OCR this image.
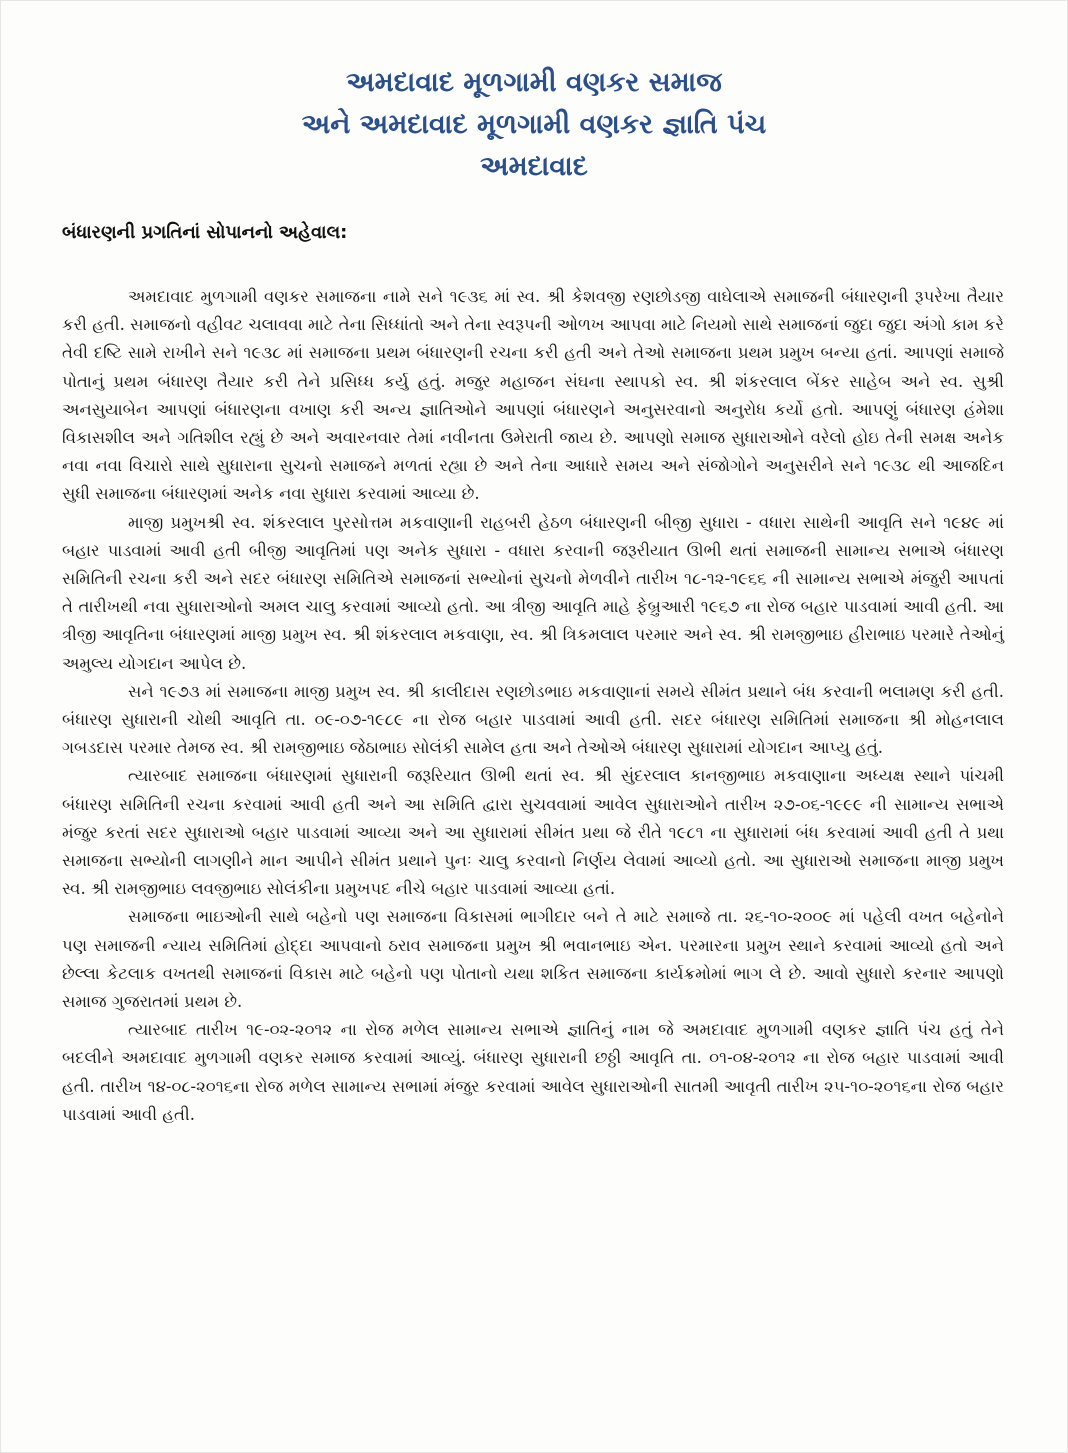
અમદાવાદ મૂળગામી વણકર સમાજ
અને અમદાવાદ મૂળગામી વણકર જ્ઞાતિ પંચ
અમદાવાદ
બંધારણની પ્રગતિનાં સોપાનનો અહેવાલ:

અમદાવાદ મુળગામી વણકર સમાજના નામે સને ૧૯૩૬ માં સ્વ. શ્રી કેશવજી રણછોડજી વાઘેલાએ સમાજની બંધારણની રૂપરેખા તૈયાર કરી હતી. સમાજનો વહીવટ ચલાવવા માટે તેના સિધ્ધાંતો અને તેના સ્વરૂપની ઓળખ આપવા માટે નિયમો સાથે સમાજનાં જુદા જુદા અંગો કામ કરે તેવી દષ્ટિ સામે રાખીને સને ૧૯૩૮ માં સમાજના પ્રથમ બંધારણની રચના કરી હતી અને તેઓ સમાજના પ્રથમ પ્રમુખ બન્યા હતાં. આપણાં સમાજે પોતાનું પ્રથમ બંધારણ તૈયાર કરી તેને પ્રસિધ્ધ કર્યુ હતું. મજુર મહાજન સંઘના સ્થાપકો સ્વ. શ્રી શંકરલાલ બેંકર સાહેબ અને સ્વ. સુશ્રી અનસુયાબેન આપણાં બંધારણના વખાણ કરી અન્ય જ્ઞાતિઓને આપણાં બંધારણને અનુસરવાનો અનુરોધ કર્યો હતો. આપણું બંધારણ હંમેશા વિકાસશીલ અને ગતિશીલ રહ્યું છે અને અવારનવાર તેમાં નવીનતા ઉમેરાતી જાય છે. આપણો સમાજ સુધારાઓને વરેલો હોઇ તેની સમક્ષ અનેક નવા નવા વિચારો સાથે સુધારાના સુચનો સમાજને મળતાં રહ્યા છે અને તેના આધારે સમય અને સંજોગોને અનુસરીને સને ૧૯૩૮ થી આજદિન સુધી સમાજના બંધારણમાં અનેક નવા સુધારા કરવામાં આવ્યા છે.

માજી પ્રમુખશ્રી સ્વ. શંકરલાલ પુરસોત્તમ મકવાણાની રાહબરી હેઠળ બંધારણની બીજી સુધારા - વધારા સાથેની આવૃતિ સને ૧૯૪૯ માં બહાર પાડવામાં આવી હતી બીજી આવૃતિમાં પણ અનેક સુધારા - વધારા કરવાની જરૂરીયાત ઊભી થતાં સમાજની સામાન્ય સભાએ બંધારણ સમિતિની રચના કરી અને સદર બંધારણ સમિતિએ સમાજનાં સભ્યોનાં સુચનો મેળવીને તારીખ ૧૮-૧૨-૧૯૬૬ ની સામાન્ય સભાએ મંજુરી આપતાં તે તારીખથી નવા સુધારાઓનો અમલ ચાલુ કરવામાં આવ્યો હતો. આ ત્રીજી આવૃતિ માહે ફેબ્રુઆરી ૧૯૬૭ ના રોજ બહાર પાડવામાં આવી હતી. આ ત્રીજી આવૃતિના બંધારણમાં માજી પ્રમુખ સ્વ. શ્રી શંકરલાલ મકવાણા, સ્વ. શ્રી ત્રિકમલાલ પરમાર અને સ્વ. શ્રી રામજીભાઇ હીરાભાઇ પરમારે તેઓનું અમુલ્ય યોગદાન આપેલ છે.

સને ૧૯૭૩ માં સમાજના માજી પ્રમુખ સ્વ. શ્રી કાલીદાસ રણછોડભાઇ મકવાણાનાં સમયે સીમંત પ્રથાને બંધ કરવાની ભલામણ કરી હતી. બંધારણ સુધારાની ચોથી આવૃતિ તા. ૦૯-૦૭-૧૯૮૯ ના રોજ બહાર પાડવામાં આવી હતી. સદર બંધારણ સમિતિમાં સમાજના શ્રી મોહનલાલ ગબડદાસ પરમાર તેમજ સ્વ. શ્રી રામજીભાઇ જેઠાભાઇ સોલંકી સામેલ હતા અને તેઓએ બંધારણ સુધારામાં યોગદાન આપ્યુ હતું.

ત્યારબાદ સમાજના બંધારણમાં સુધારાની જરૂરિયાત ઊભી થતાં સ્વ. શ્રી સુંદરલાલ કાનજીભાઇ મકવાણાના અધ્યક્ષ સ્થાને પાંચમી બંધારણ સમિતિની રચના કરવામાં આવી હતી અને આ સમિતિ દ્વારા સુચવવામાં આવેલ સુધારાઓને તારીખ ૨૭-૦૬-૧૯૯૯ ની સામાન્ય સભાએ મંજુર કરતાં સદર સુધારાઓ બહાર પાડવામાં આવ્યા અને આ સુધારામાં સીમંત પ્રથા જે રીતે ૧૯૮૧ ના સુધારામાં બંધ કરવામાં આવી હતી તે પ્રથા સમાજના સભ્યોની લાગણીને માન આપીને સીમંત પ્રથાને પુનઃ ચાલુ કરવાનો નિર્ણય લેવામાં આવ્યો હતો. આ સુધારાઓ સમાજના માજી પ્રમુખ સ્વ. શ્રી રામજીભાઇ લવજીભાઇ સોલંકીના પ્રમુખપદ નીચે બહાર પાડવામાં આવ્યા હતાં.

સમાજના ભાઇઓની સાથે બહેનો પણ સમાજના વિકાસમાં ભાગીદાર બને તે માટે સમાજે તા. ૨૬-૧૦-૨૦૦૯ માં પહેલી વખત બહેનોને પણ સમાજની ન્યાય સમિતિમાં હોદ્દા આપવાનો ઠરાવ સમાજના પ્રમુખ શ્રી ભવાનભાઇ એન. પરમારના પ્રમુખ સ્થાને કરવામાં આવ્યો હતો અને છેલ્લા કેટલાક વખતથી સમાજનાં વિકાસ માટે બહેનો પણ પોતાનો યથા શકિત સમાજના કાર્યક્રમોમાં ભાગ લે છે. આવો સુધારો કરનાર આપણો સમાજ ગુજરાતમાં પ્રથમ છે.

ત્યારબાદ તારીખ ૧૯-૦૨-૨૦૧૨ ના રોજ મળેલ સામાન્ય સભાએ જ્ઞાતિનું નામ જે અમદાવાદ મુળગામી વણકર જ્ઞાતિ પંચ હતું તેને બદલીને અમદાવાદ મુળગામી વણકર સમાજ કરવામાં આવ્યું. બંધારણ સુધારાની છઠ્ઠી આવૃતિ તા. ૦૧-૦૪-૨૦૧૨ ના રોજ બહાર પાડવામાં આવી હતી. તારીખ ૧૪-૦૮-૨૦૧૬ના રોજ મળેલ સામાન્ય સભામાં મંજુર કરવામાં આવેલ સુધારાઓની સાતમી આવૃતી તારીખ ૨૫-૧૦-૨૦૧૬ના રોજ બહાર પાડવામાં આવી હતી.
